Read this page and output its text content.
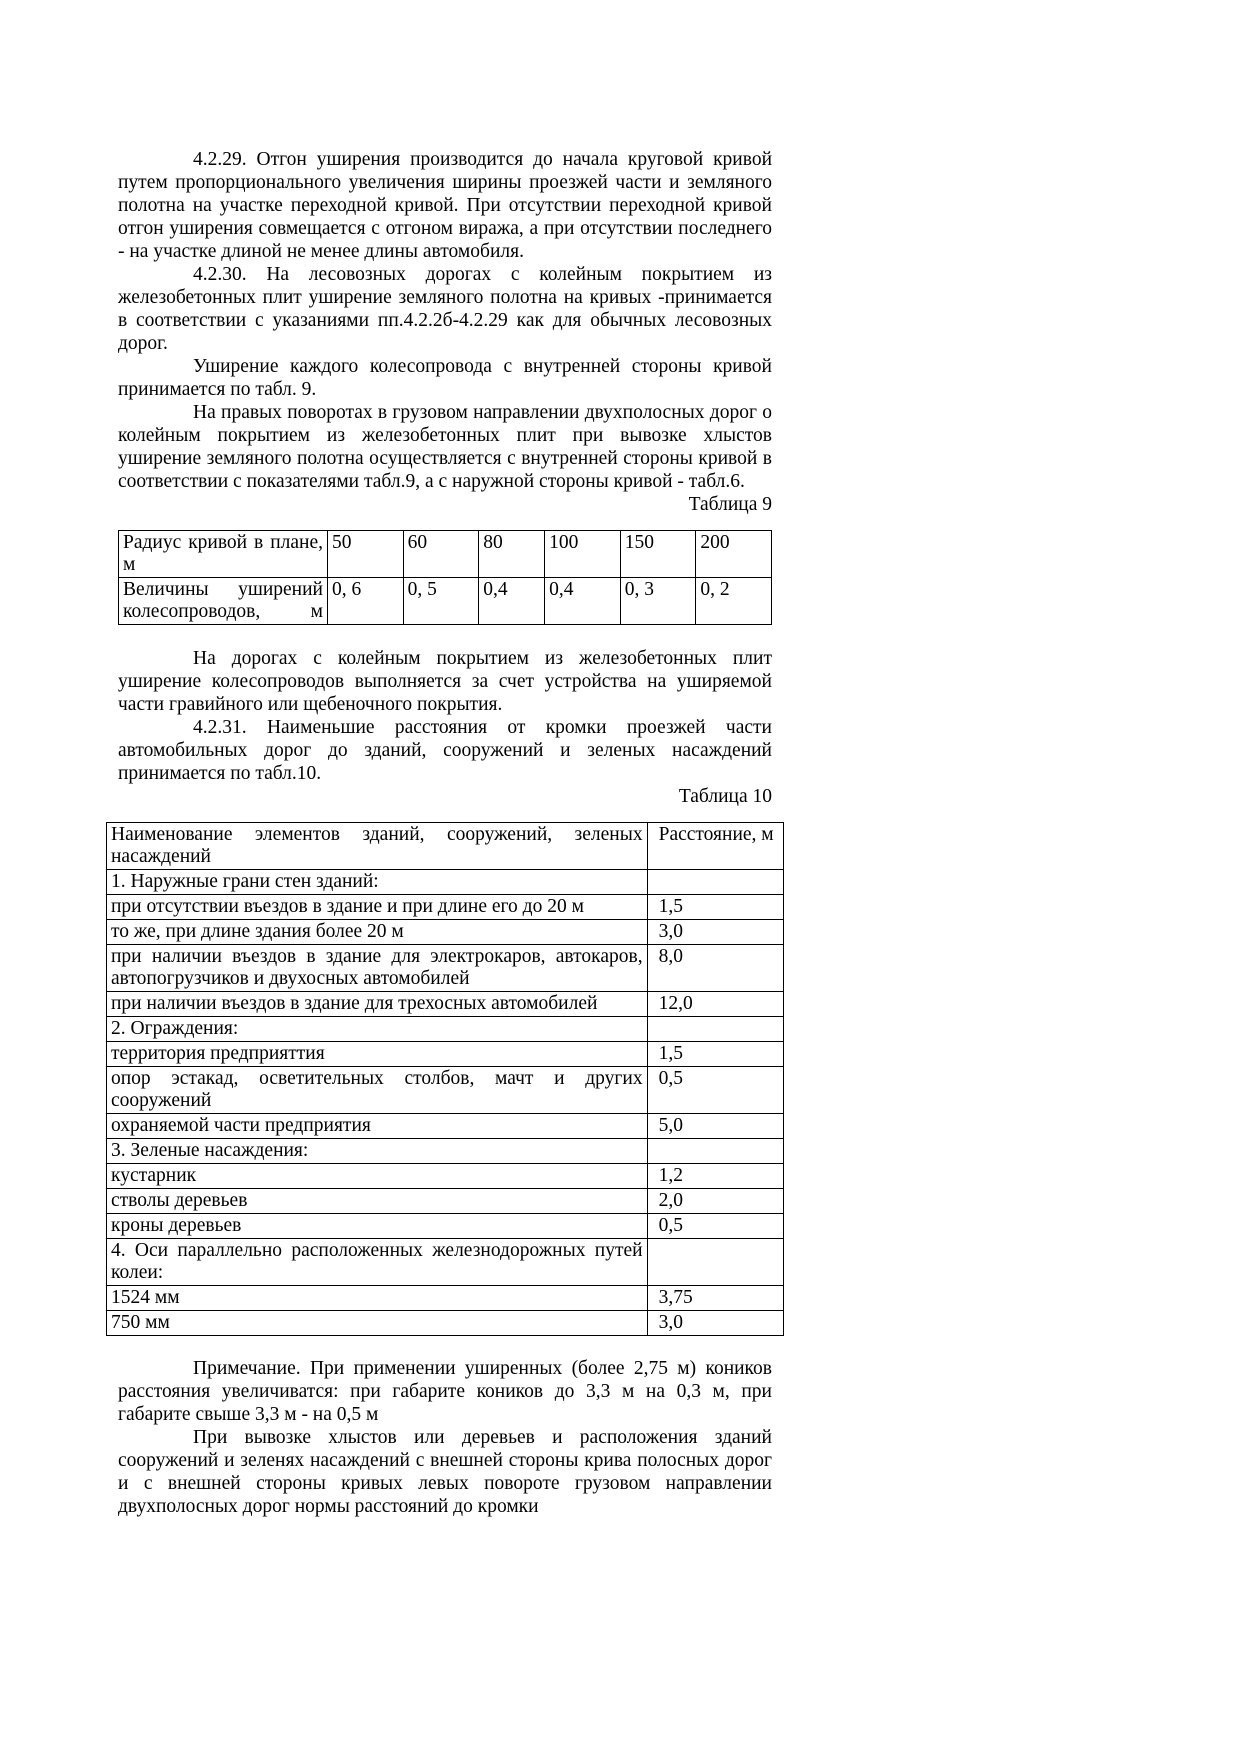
4.2.29. Отгон уширения производится до начала круговой кривой путем пропорционального увеличения ширины проезжей части и земляного полотна на участке переходной кривой. При отсутствии переходной кривой отгон уширения совмещается с отгоном виража, а при отсутствии последнего - на участке длиной не менее длины автомобиля.

4.2.30. На лесовозных дорогах с колейным покрытием из железобетонных плит уширение земляного полотна на кривых -принимается в соответствии с указаниями пп.4.2.2б-4.2.29 как для обычных лесовозных дорог.

Уширение каждого колесопровода с внутренней стороны кривой принимается по табл. 9.

На правых поворотах в грузовом направлении двухполосных дорог о колейным покрытием из железобетонных плит при вывозке хлыстов уширение земляного полотна осуществляется с внутренней стороны кривой в соответствии с показателями табл.9, а с наружной стороны кривой - табл.6.

Таблица 9

Радиус кривой в плане, м	50	60	80	100	150	200
Величины уширений колесопроводов, м	0, 6	0, 5	0,4	0,4	0, 3	0, 2

На дорогах с колейным покрытием из железобетонных плит уширение колесопроводов выполняется за счет устройства на уширяемой части гравийного или щебеночного покрытия.

4.2.31. Наименьшие расстояния от кромки проезжей части автомобильных дорог до зданий, сооружений и зеленых насаждений принимается по табл.10.

Таблица 10

Наименование элементов зданий, сооружений, зеленых насаждений	Расстояние, м
1. Наружные грани стен зданий:	
при отсутствии въездов в здание и при длине его до 20 м	1,5
то же, при длине здания более 20 м	3,0
при наличии въездов в здание для электрокаров, автокаров, автопогрузчиков и двухосных автомобилей	8,0
при наличии въездов в здание для трехосных автомобилей	12,0
2. Ограждения:	
территория предприяттия	1,5
опор эстакад, осветительных столбов, мачт и других сооружений	0,5
охраняемой части предприятия	5,0
3. Зеленые насаждения:	
кустарник	1,2
стволы деревьев	2,0
кроны деревьев	0,5
4. Оси параллельно расположенных железнодорожных путей колеи:	
1524 мм	3,75
750 мм	3,0

Примечание. При применении уширенных (более 2,75 м) коников расстояния увеличиватся: при габарите коников до 3,3 м на 0,3 м, при габарите свыше 3,3 м - на 0,5 м

При вывозке хлыстов или деревьев и расположения зданий сооружений и зеленях насаждений с внешней стороны крива полосных дорог и с внешней стороны кривых левых повороте грузовом направлении двухполосных дорог нормы расстояний до кромки
